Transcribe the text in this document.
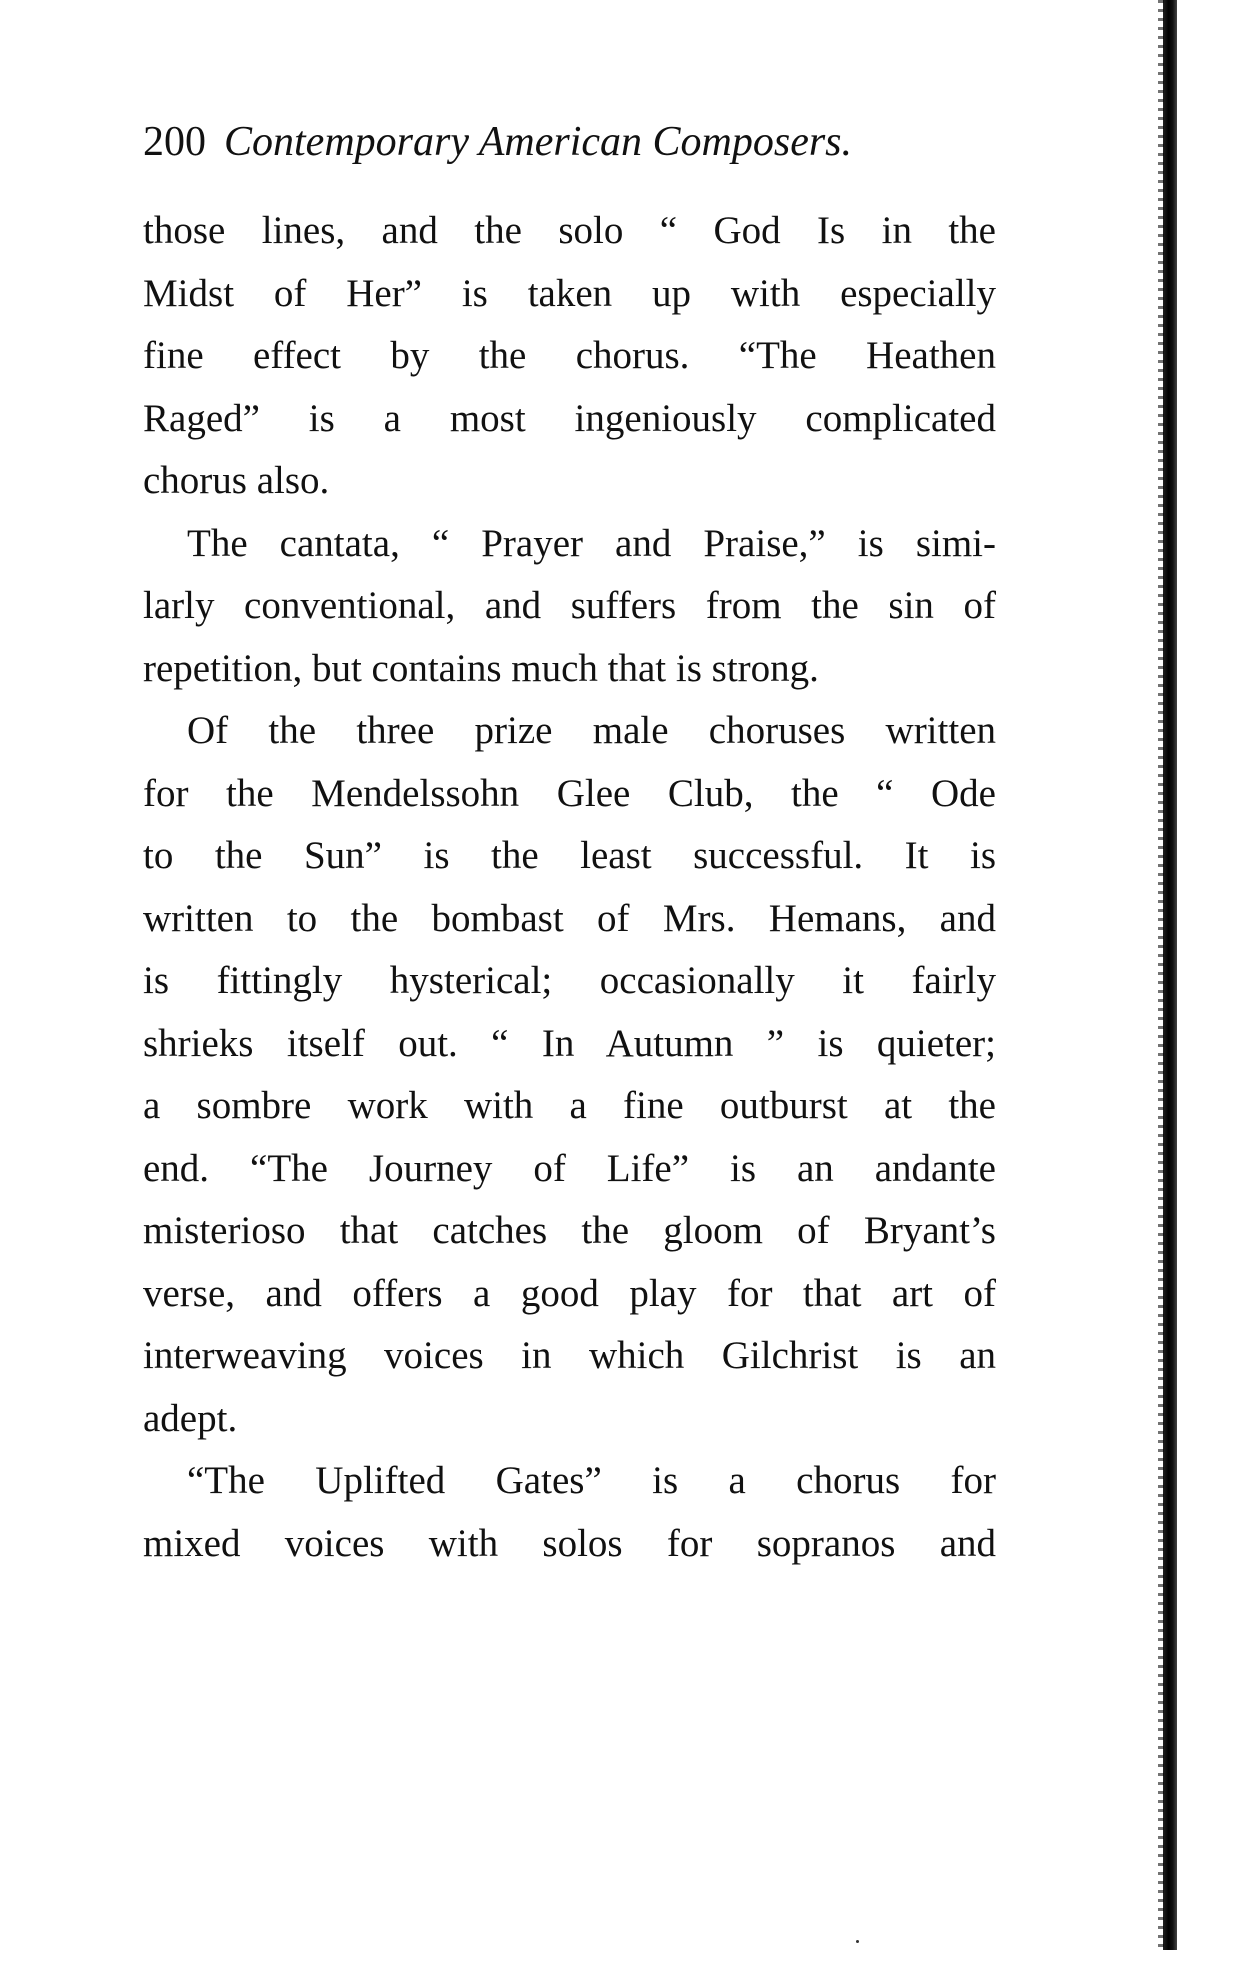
200 Contemporary American Composers.
those lines, and the solo “ God Is in the
Midst of Her” is taken up with especially
fine effect by the chorus. “The Heathen
Raged” is a most ingeniously complicated
chorus also.
The cantata, “ Prayer and Praise,” is simi-
larly conventional, and suffers from the sin of
repetition, but contains much that is strong.
Of the three prize male choruses written
for the Mendelssohn Glee Club, the “ Ode
to the Sun” is the least successful. It is
written to the bombast of Mrs. Hemans, and
is fittingly hysterical; occasionally it fairly
shrieks itself out. “ In Autumn ” is quieter;
a sombre work with a fine outburst at the
end. “The Journey of Life” is an andante
misterioso that catches the gloom of Bryant’s
verse, and offers a good play for that art of
interweaving voices in which Gilchrist is an
adept.
“The Uplifted Gates” is a chorus for
mixed voices with solos for sopranos and
